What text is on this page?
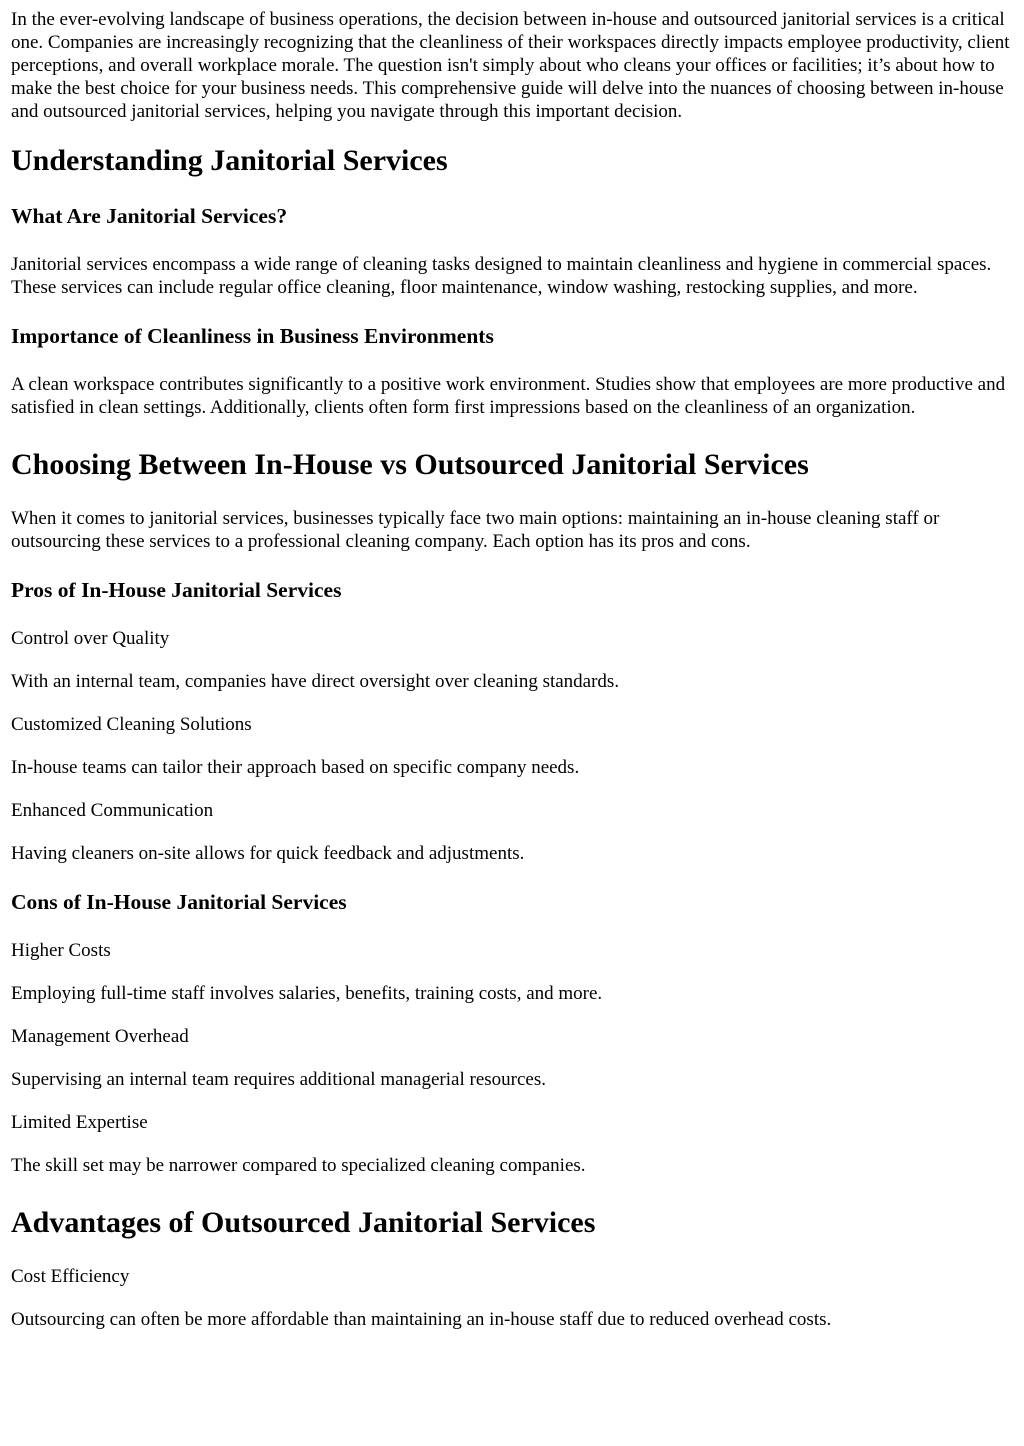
In the ever-evolving landscape of business operations, the decision between in-house and outsourced janitorial services is a critical one. Companies are increasingly recognizing that the cleanliness of their workspaces directly impacts employee productivity, client perceptions, and overall workplace morale. The question isn't simply about who cleans your offices or facilities; it’s about how to make the best choice for your business needs. This comprehensive guide will delve into the nuances of choosing between in-house and outsourced janitorial services, helping you navigate through this important decision.

Understanding Janitorial Services
What Are Janitorial Services?

Janitorial services encompass a wide range of cleaning tasks designed to maintain cleanliness and hygiene in commercial spaces. These services can include regular office cleaning, floor maintenance, window washing, restocking supplies, and more.

Importance of Cleanliness in Business Environments

A clean workspace contributes significantly to a positive work environment. Studies show that employees are more productive and satisfied in clean settings. Additionally, clients often form first impressions based on the cleanliness of an organization.

Choosing Between In-House vs Outsourced Janitorial Services

When it comes to janitorial services, businesses typically face two main options: maintaining an in-house cleaning staff or outsourcing these services to a professional cleaning company. Each option has its pros and cons.

Pros of In-House Janitorial Services

Control over Quality

With an internal team, companies have direct oversight over cleaning standards.

Customized Cleaning Solutions

In-house teams can tailor their approach based on specific company needs.

Enhanced Communication

Having cleaners on-site allows for quick feedback and adjustments.

Cons of In-House Janitorial Services

Higher Costs

Employing full-time staff involves salaries, benefits, training costs, and more.

Management Overhead

Supervising an internal team requires additional managerial resources.

Limited Expertise

The skill set may be narrower compared to specialized cleaning companies.

Advantages of Outsourced Janitorial Services

Cost Efficiency

Outsourcing can often be more affordable than maintaining an in-house staff due to reduced overhead costs.
